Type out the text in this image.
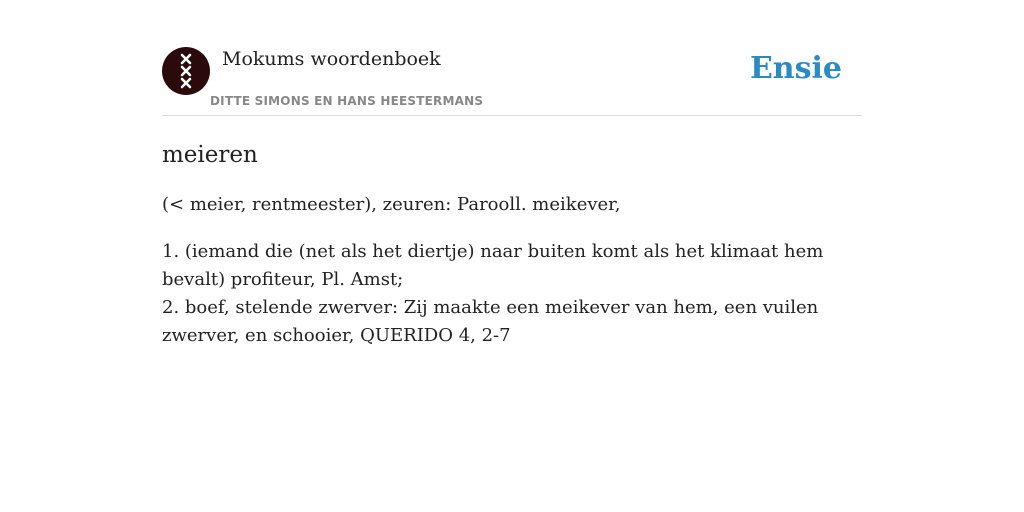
Mokums woordenboek
DITTE SIMONS EN HANS HEESTERMANS
Ensie
meieren

(< meier, rentmeester), zeuren: Parooll. meikever,

1. (iemand die (net als het diertje) naar buiten komt als het klimaat hem bevalt) profiteur, Pl. Amst;
2. boef, stelende zwerver: Zij maakte een meikever van hem, een vuilen zwerver, en schooier, QUERIDO 4, 2-7
